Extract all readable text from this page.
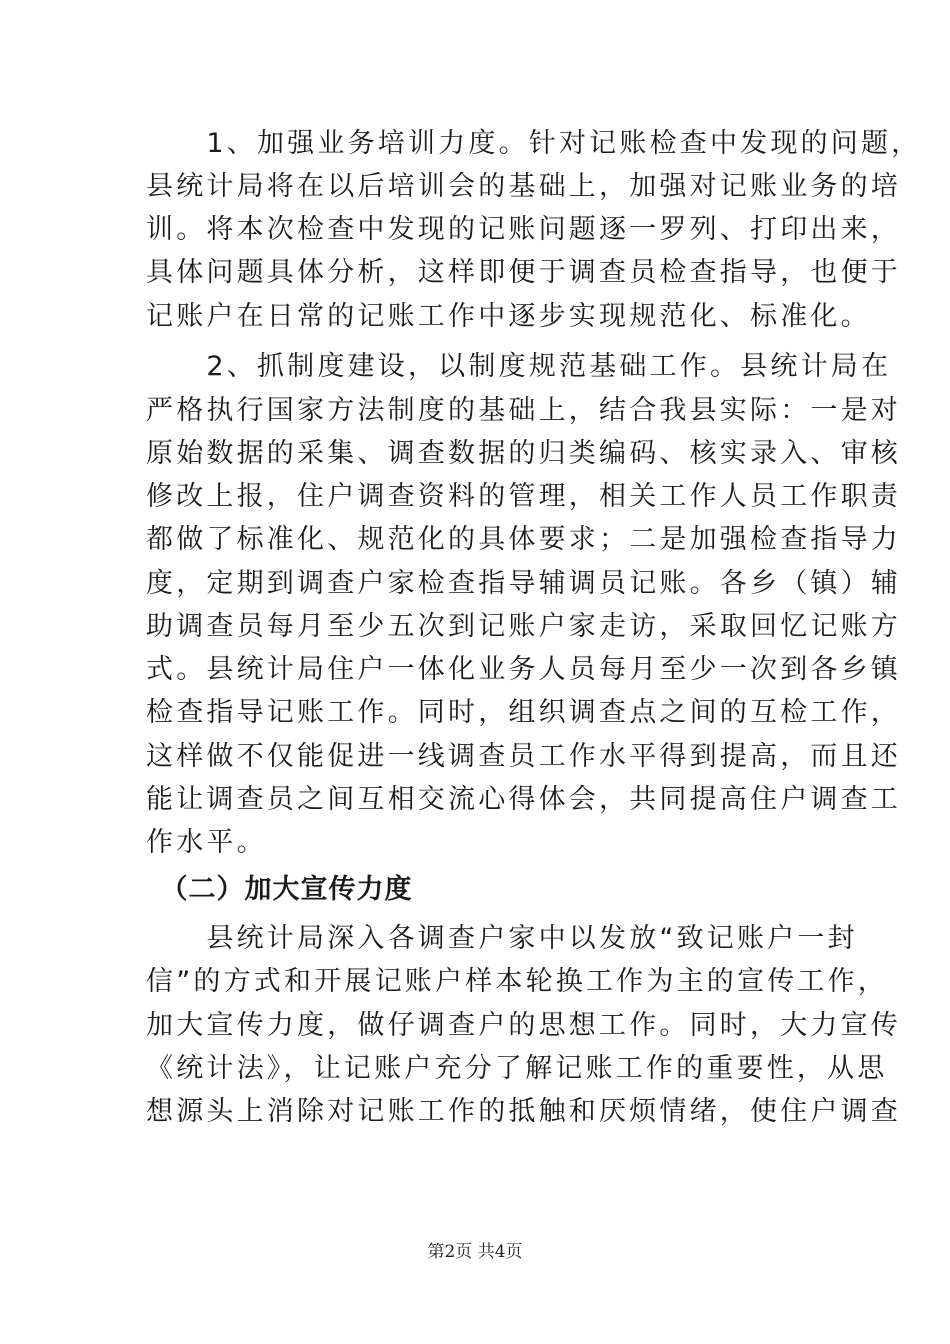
　　1、加强业务培训力度。针对记账检查中发现的问题，
县统计局将在以后培训会的基础上，加强对记账业务的培
训。将本次检查中发现的记账问题逐一罗列、打印出来，
具体问题具体分析，这样即便于调查员检查指导，也便于
记账户在日常的记账工作中逐步实现规范化、标准化。
　　2、抓制度建设，以制度规范基础工作。县统计局在
严格执行国家方法制度的基础上，结合我县实际：一是对
原始数据的采集、调查数据的归类编码、核实录入、审核
修改上报，住户调查资料的管理，相关工作人员工作职责
都做了标准化、规范化的具体要求；二是加强检查指导力
度，定期到调查户家检查指导辅调员记账。各乡（镇）辅
助调查员每月至少五次到记账户家走访，采取回忆记账方
式。县统计局住户一体化业务人员每月至少一次到各乡镇
检查指导记账工作。同时，组织调查点之间的互检工作，
这样做不仅能促进一线调查员工作水平得到提高，而且还
能让调查员之间互相交流心得体会，共同提高住户调查工
作水平。
　（二）加大宣传力度
　　县统计局深入各调查户家中以发放“致记账户一封
信”的方式和开展记账户样本轮换工作为主的宣传工作，
加大宣传力度，做仔调查户的思想工作。同时，大力宣传
《统计法》，让记账户充分了解记账工作的重要性，从思
想源头上消除对记账工作的抵触和厌烦情绪，使住户调查
第2页 共4页
